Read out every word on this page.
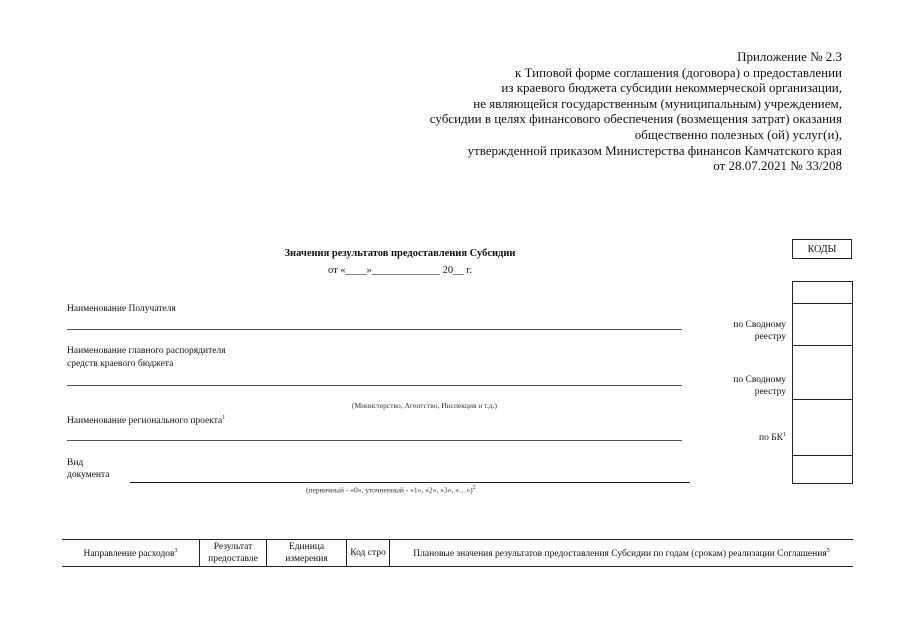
Приложение № 2.3
к Типовой форме соглашения (договора) о предоставлении
из краевого бюджета субсидии некоммерческой организации,
не являющейся государственным (муниципальным) учреждением,
субсидии в целях финансового обеспечения (возмещения затрат) оказания
общественно полезных (ой) услуг(и),
утвержденной приказом Министерства финансов Камчатского края
от 28.07.2021 № 33/208
Значения результатов предоставления Субсидии
от «____»_____________ 20__ г.
КОДЫ
Наименование Получателя
по Сводному реестру
Наименование главного распорядителя
средств краевого бюджета
по Сводному реестру
(Министерство, Агентство, Инспекция и т.д.)
Наименование регионального проекта$^1$
по $БК^1$
Вид
документа
(первичный - «0», уточненный - «1», «2», «3», «…»)$^2$
Направление расходов$^3$	Результат предоставле	Единица измерения	Код стро	Плановые значения результатов предоставления Субсидии по годам (срокам) реализации Соглашения$^5$
